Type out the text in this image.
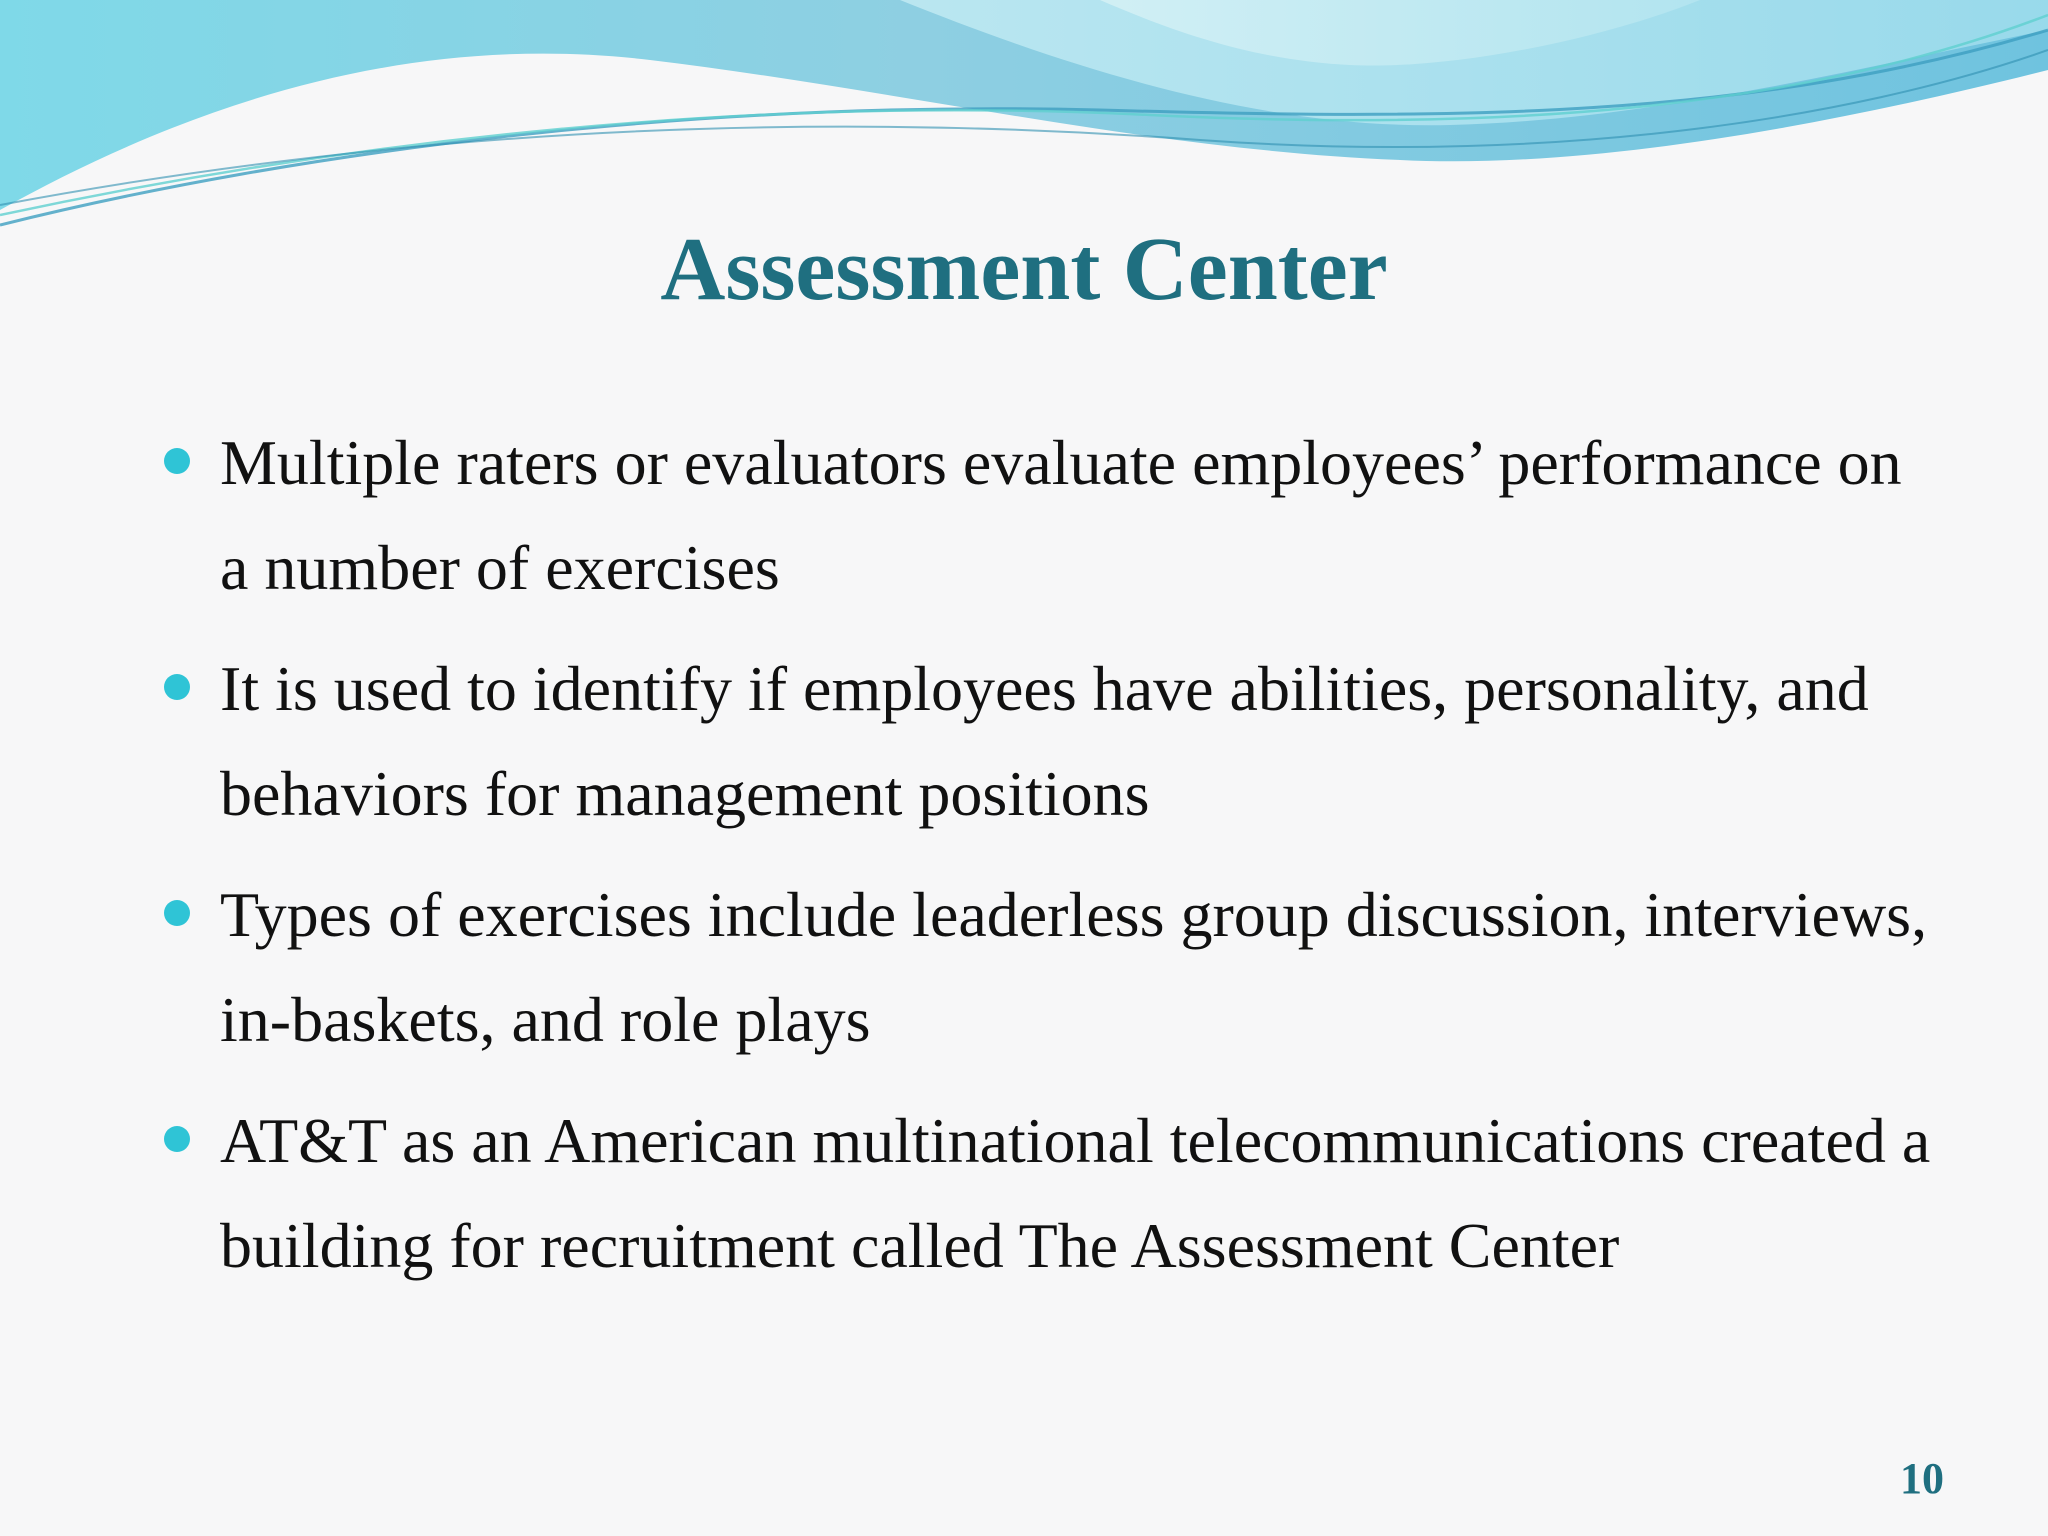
Assessment Center
Multiple raters or evaluators evaluate employees’ performance on a number of exercises
It is used to identify if employees have abilities, personality, and behaviors for management positions
Types of exercises include leaderless group discussion, interviews, in-baskets, and role plays
AT&T as an American multinational telecommunications created a building for recruitment called The Assessment Center
10
